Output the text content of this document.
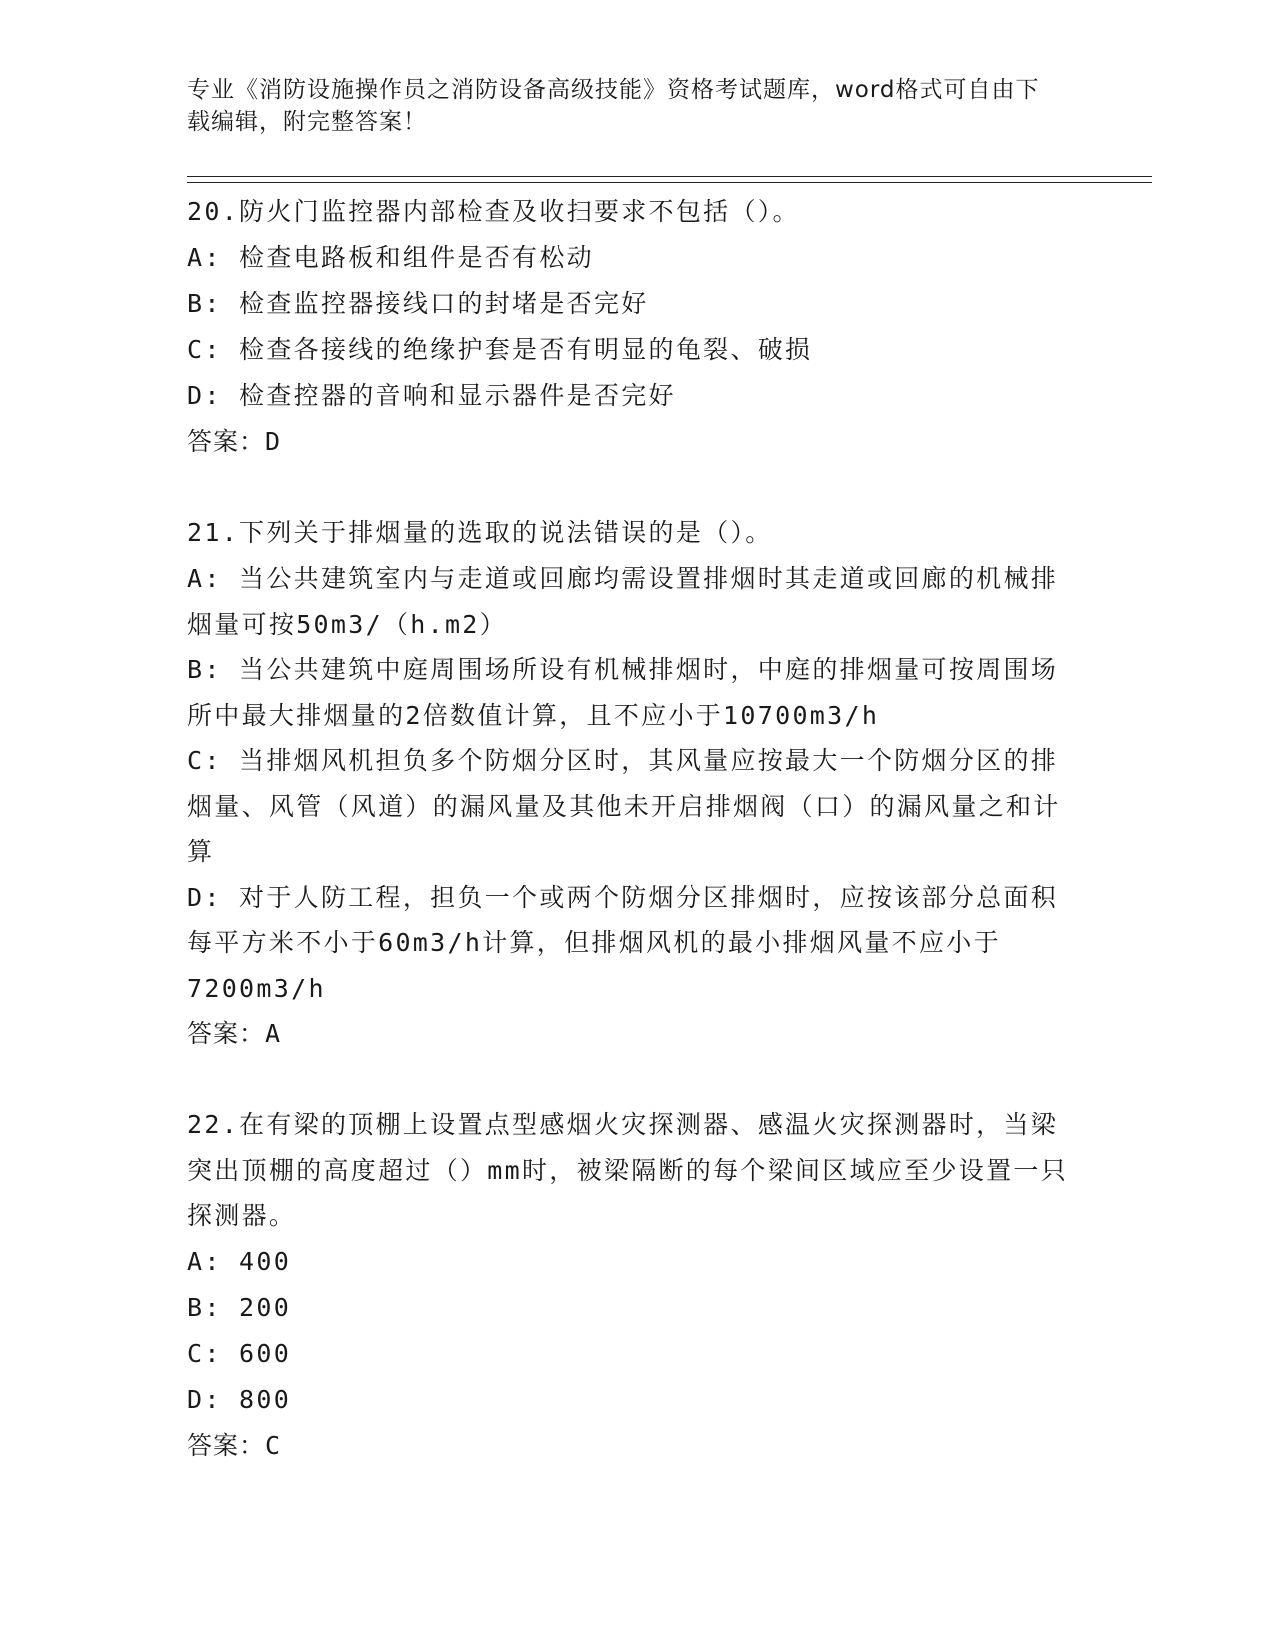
专业《消防设施操作员之消防设备高级技能》资格考试题库，word格式可自由下
载编辑，附完整答案！
20.防火门监控器内部检查及收扫要求不包括（）。
A: 检查电路板和组件是否有松动
B: 检查监控器接线口的封堵是否完好
C: 检查各接线的绝缘护套是否有明显的龟裂、破损
D: 检查控器的音响和显示器件是否完好
答案：D
21.下列关于排烟量的选取的说法错误的是（）。
A: 当公共建筑室内与走道或回廊均需设置排烟时其走道或回廊的机械排烟量可按50m3/（h.m2）
B: 当公共建筑中庭周围场所设有机械排烟时，中庭的排烟量可按周围场所中最大排烟量的2倍数值计算，且不应小于10700m3/h
C: 当排烟风机担负多个防烟分区时，其风量应按最大一个防烟分区的排烟量、风管（风道）的漏风量及其他未开启排烟阀（口）的漏风量之和计算
D: 对于人防工程，担负一个或两个防烟分区排烟时，应按该部分总面积每平方米不小于60m3/h计算，但排烟风机的最小排烟风量不应小于7200m3/h
答案：A
22.在有梁的顶棚上设置点型感烟火灾探测器、感温火灾探测器时，当梁突出顶棚的高度超过（）mm时，被梁隔断的每个梁间区域应至少设置一只探测器。
A: 400
B: 200
C: 600
D: 800
答案：C
